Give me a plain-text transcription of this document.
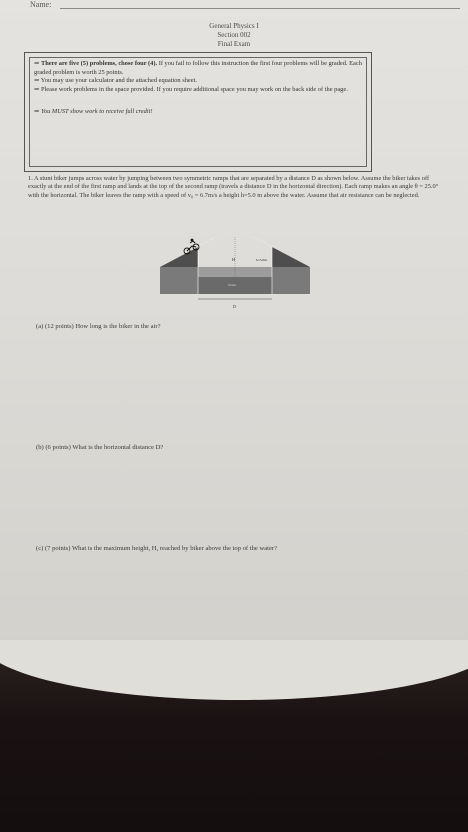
Name:
General Physics I
Section 002
Final Exam

⇒ There are five (5) problems, chose four (4). If you fail to follow this instruction the first four problems will be graded. Each graded problem is worth 25 points.

⇒ You may use your calculator and the attached equation sheet.

⇒ Please work problems in the space provided. If you require additional space you may work on the back side of the page.

⇒ You MUST show work to receive full credit!

1. A stunt biker jumps across water by jumping between two symmetric ramps that are separated by a distance D as shown below. Assume the biker takes off exactly at the end of the first ramp and lands at the top of the second ramp (travels a distance D in the horizontal direction). Each ramp makes an angle θ = 25.0° with the horizontal. The biker leaves the ramp with a speed of v₀ = 6.7m/s a height h=5.0 m above the water. Assume that air resistance can be neglected.
H	h=5.0m
Water
D
(a) (12 points) How long is the biker in the air?
(b) (6 points) What is the horizontal distance D?
(c) (7 points) What is the maximum height, H, reached by biker above the top of the water?
